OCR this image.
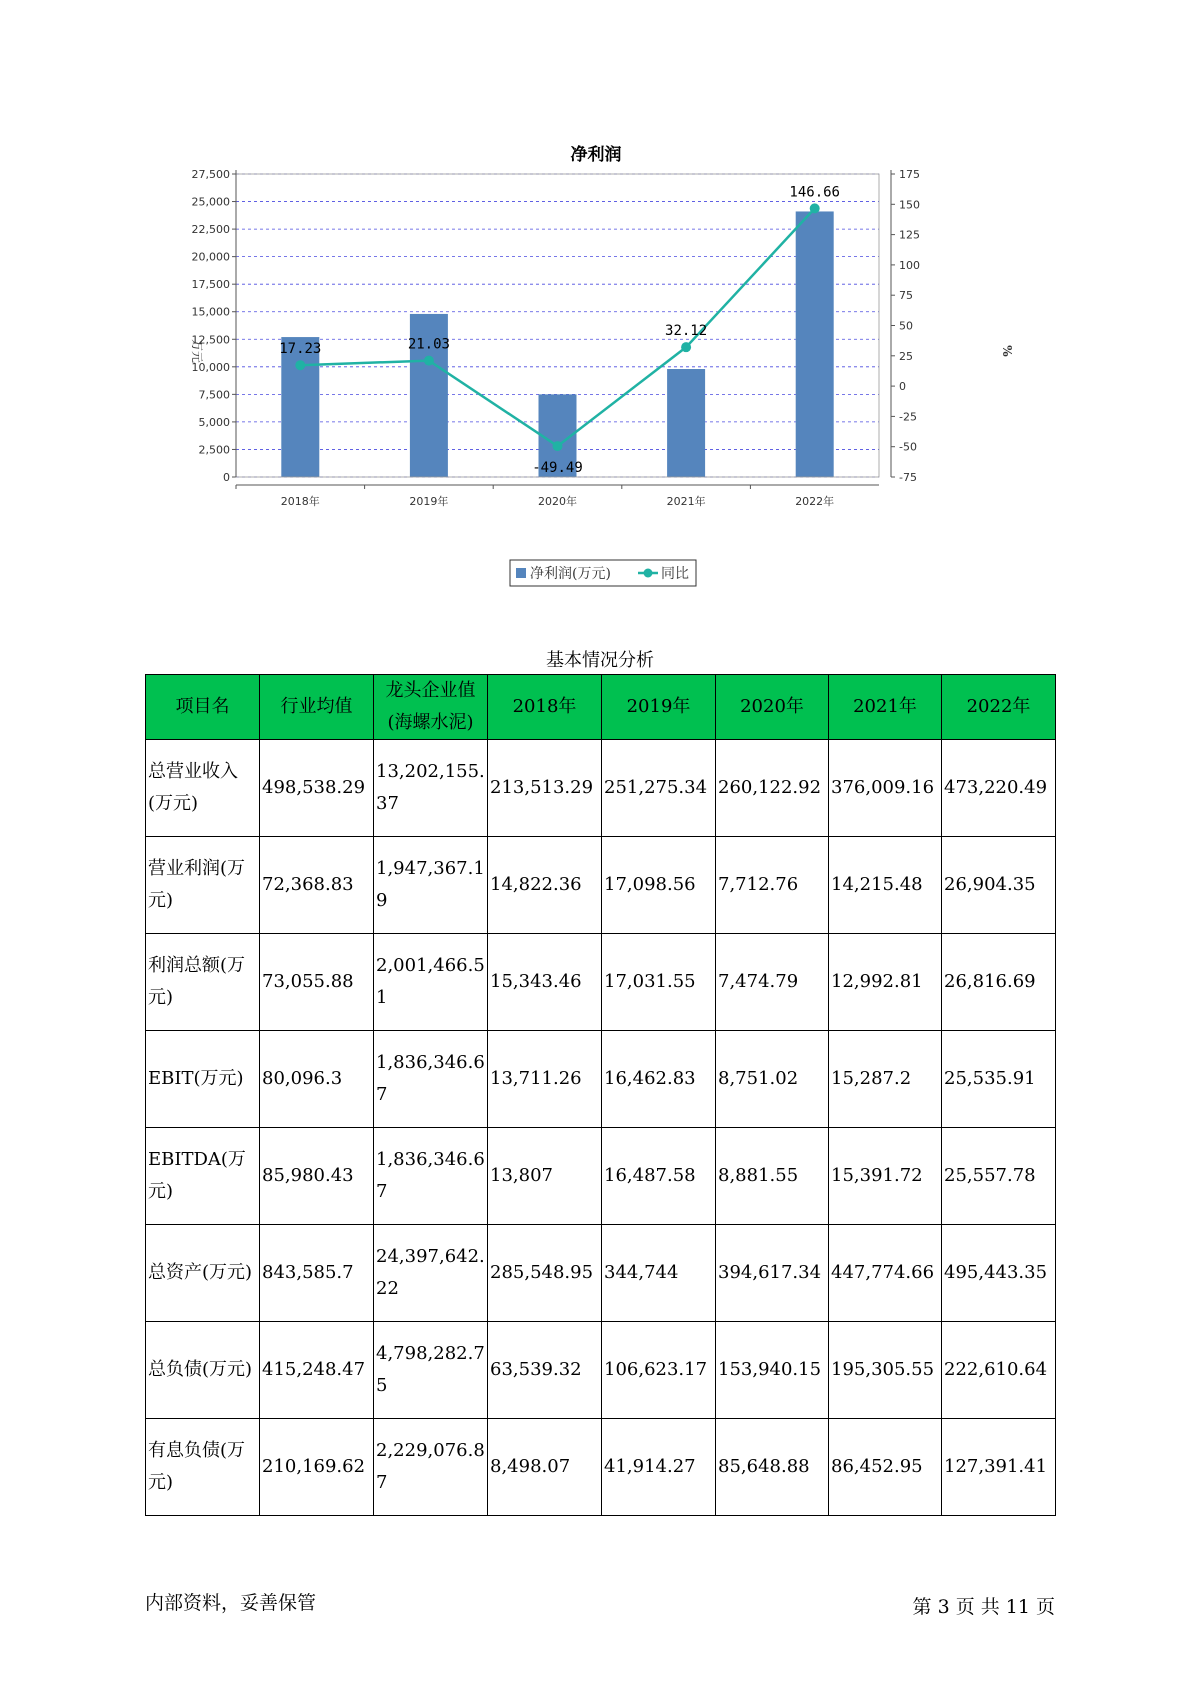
净利润
0
2,500
5,000
7,500
10,000
12,500
15,000
17,500
20,000
22,500
25,000
27,500
-75
-50
-25
0
25
50
75
100
125
150
175
2018年	2019年	2020年	2021年	2022年
17.23	21.03
-49.49
32.12
146.66
万元	%
净利润(万元)	同比
基本情况分析
项目名	行业均值	龙头企业值(海螺水泥)	2018年	2019年	2020年	2021年	2022年
总营业收入(万元)	498,538.29	13,202,155.37	213,513.29	251,275.34	260,122.92	376,009.16	473,220.49
营业利润(万元)	72,368.83	1,947,367.19	14,822.36	17,098.56	7,712.76	14,215.48	26,904.35
利润总额(万元)	73,055.88	2,001,466.51	15,343.46	17,031.55	7,474.79	12,992.81	26,816.69
EBIT(万元)	80,096.3	1,836,346.67	13,711.26	16,462.83	8,751.02	15,287.2	25,535.91
EBITDA(万元)	85,980.43	1,836,346.67	13,807	16,487.58	8,881.55	15,391.72	25,557.78
总资产(万元)	843,585.7	24,397,642.22	285,548.95	344,744	394,617.34	447,774.66	495,443.35
总负债(万元)	415,248.47	4,798,282.75	63,539.32	106,623.17	153,940.15	195,305.55	222,610.64
有息负债(万元)	210,169.62	2,229,076.87	8,498.07	41,914.27	85,648.88	86,452.95	127,391.41
内部资料，妥善保管	第 3 页 共 11 页
